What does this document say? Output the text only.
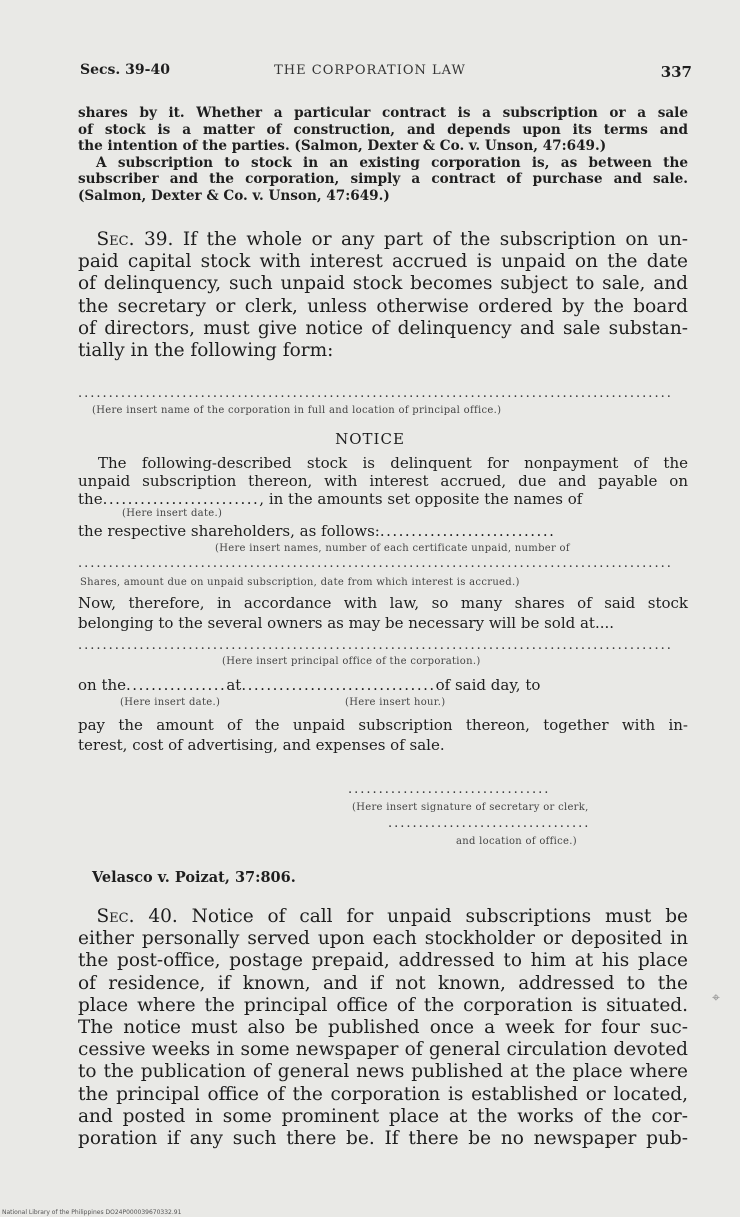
Secs. 39-40	THE CORPORATION LAW	337

shares by it. Whether a particular contract is a subscription or a sale

of stock is a matter of construction, and depends upon its terms and

the intention of the parties. (Salmon, Dexter & Co. v. Unson, 47:649.)

A subscription to stock in an existing corporation is, as between the

subscriber and the corporation, simply a contract of purchase and sale.

(Salmon, Dexter & Co. v. Unson, 47:649.)

 Sec. 39. If the whole or any part of the subscription on un-
paid capital stock with interest accrued is unpaid on the date
of delinquency, such unpaid stock becomes subject to sale, and
the secretary or clerk, unless otherwise ordered by the board
of directors, must give notice of delinquency and sale substan-
tially in the following form:
.................................................................................................
(Here insert name of the corporation in full and location of principal office.)
NOTICE
The following-described stock is delinquent for nonpayment of the
unpaid subscription thereon, with interest accrued, due and payable on
the........................., in the amounts set opposite the names of
(Here insert date.)
the respective shareholders, as follows:............................
(Here insert names, number of each certificate unpaid, number of
.................................................................................................
Shares, amount due on unpaid subscription, date from which interest is accrued.)
Now, therefore, in accordance with law, so many shares of said stock
belonging to the several owners as may be necessary will be sold at....
.................................................................................................
(Here insert principal office of the corporation.)
on the................at...............................of said day, to
(Here insert date.)	(Here insert hour.)
pay the amount of the unpaid subscription thereon, together with in-
terest, cost of advertising, and expenses of sale.
.................................
(Here insert signature of secretary or clerk,
.................................
and location of office.)
Velasco v. Poizat, 37:806.
 Sec. 40. Notice of call for unpaid subscriptions must be
either personally served upon each stockholder or deposited in
the post-office, postage prepaid, addressed to him at his place
of residence, if known, and if not known, addressed to the
place where the principal office of the corporation is situated.
The notice must also be published once a week for four suc-
cessive weeks in some newspaper of general circulation devoted
to the publication of general news published at the place where
the principal office of the corporation is established or located,
and posted in some prominent place at the works of the cor-
poration if any such there be. If there be no newspaper pub-
⌖
National Library of the Philippines DO24P000039670332.91
